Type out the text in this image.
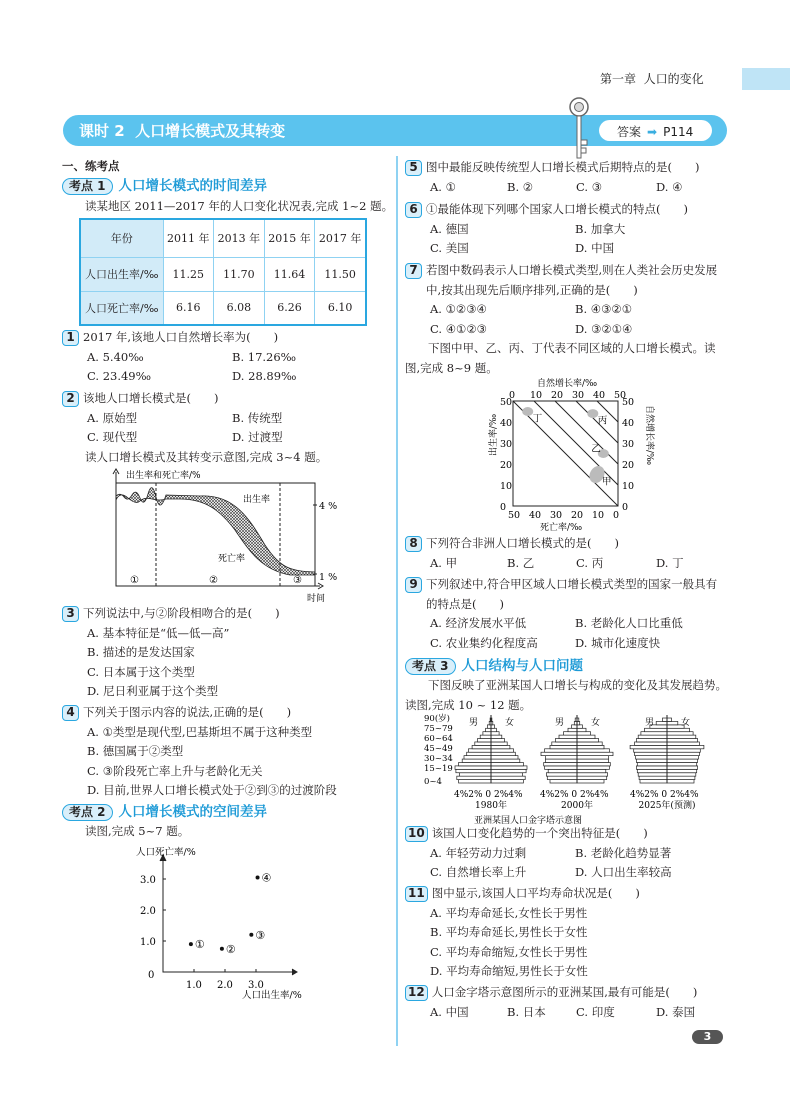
第一章  人口的变化
课时 2  人口增长模式及其转变	答案 ➡ P114
一、练考点
考点 1 人口增长模式的时间差异
读某地区 2011—2017 年的人口变化状况表,完成 1~2 题。
年份	2011 年	2013 年	2015 年	2017 年
人口出生率/‰	11.25	11.70	11.64	11.50
人口死亡率/‰	6.16	6.08	6.26	6.10
1 2017 年,该地人口自然增长率为(　　)
A. 5.40‰	B. 17.26‰
C. 23.49‰	D. 28.89‰
2 该地人口增长模式是(　　)
A. 原始型	B. 传统型
C. 现代型	D. 过渡型
读人口增长模式及其转变示意图,完成 3~4 题。
3 下列说法中,与②阶段相吻合的是(　　)
A. 基本特征是“低—低—高”
B. 描述的是发达国家
C. 日本属于这个类型
D. 尼日利亚属于这个类型
4 下列关于图示内容的说法,正确的是(　　)
A. ①类型是现代型,巴基斯坦不属于这种类型
B. 德国属于②类型
C. ③阶段死亡率上升与老龄化无关
D. 目前,世界人口增长模式处于②到③的过渡阶段
考点 2 人口增长模式的空间差异
读图,完成 5~7 题。
出生率和死亡率/%
出生率
死亡率
4 %
1 %
时间
①	②	③
人口死亡率/%
人口出生率/%
0
1.0 2.0 3.0
1.0
2.0
3.0
① ②
③
④
5 图中最能反映传统型人口增长模式后期特点的是(　　)
A. ①	B. ②	C. ③	D. ④
6 ①最能体现下列哪个国家人口增长模式的特点(　　)
A. 德国	B. 加拿大
C. 美国	D. 中国
7 若图中数码表示人口增长模式类型,则在人类社会历史发展中,按其出现先后顺序排列,正确的是(　　)
A. ①②③④	B. ④③②①
C. ④①②③	D. ③②①④
下图中甲、乙、丙、丁代表不同区域的人口增长模式。读图,完成 8~9 题。
8 下列符合非洲人口增长模式的是(　　)
A. 甲	B. 乙	C. 丙	D. 丁
9 下列叙述中,符合甲区域人口增长模式类型的国家一般具有的特点是(　　)
A. 经济发展水平低	B. 老龄化人口比重低
C. 农业集约化程度高	D. 城市化速度快
考点 3 人口结构与人口问题
下图反映了亚洲某国人口增长与构成的变化及其发展趋势。读图,完成 10 ~ 12 题。
10 该国人口变化趋势的一个突出特征是(　　)
A. 年轻劳动力过剩	B. 老龄化趋势显著
C. 自然增长率上升	D. 人口出生率较高
11 图中显示,该国人口平均寿命状况是(　　)
A. 平均寿命延长,女性长于男性
B. 平均寿命延长,男性长于女性
C. 平均寿命缩短,女性长于男性
D. 平均寿命缩短,男性长于女性
12 人口金字塔示意图所示的亚洲某国,最有可能是(　　)
A. 中国	B. 日本	C. 印度	D. 泰国
自然增长率/‰
死亡率/‰
出生率/‰	自然增长率/‰
0
0	0
50
10
10	10
40
20
20	20
30
30
30	30
20
40
40	40
10
50
50	50
0
丁	丙
乙
甲
90(岁)
75~79
60~64
45~49
30~34
15~19
0~4
男	女
4%2% 0 2%4%
1980年
男	女
4%2% 0 2%4%
2000年
男	女
4%2% 0 2%4%
2025年(预测)
亚洲某国人口金字塔示意图
3
